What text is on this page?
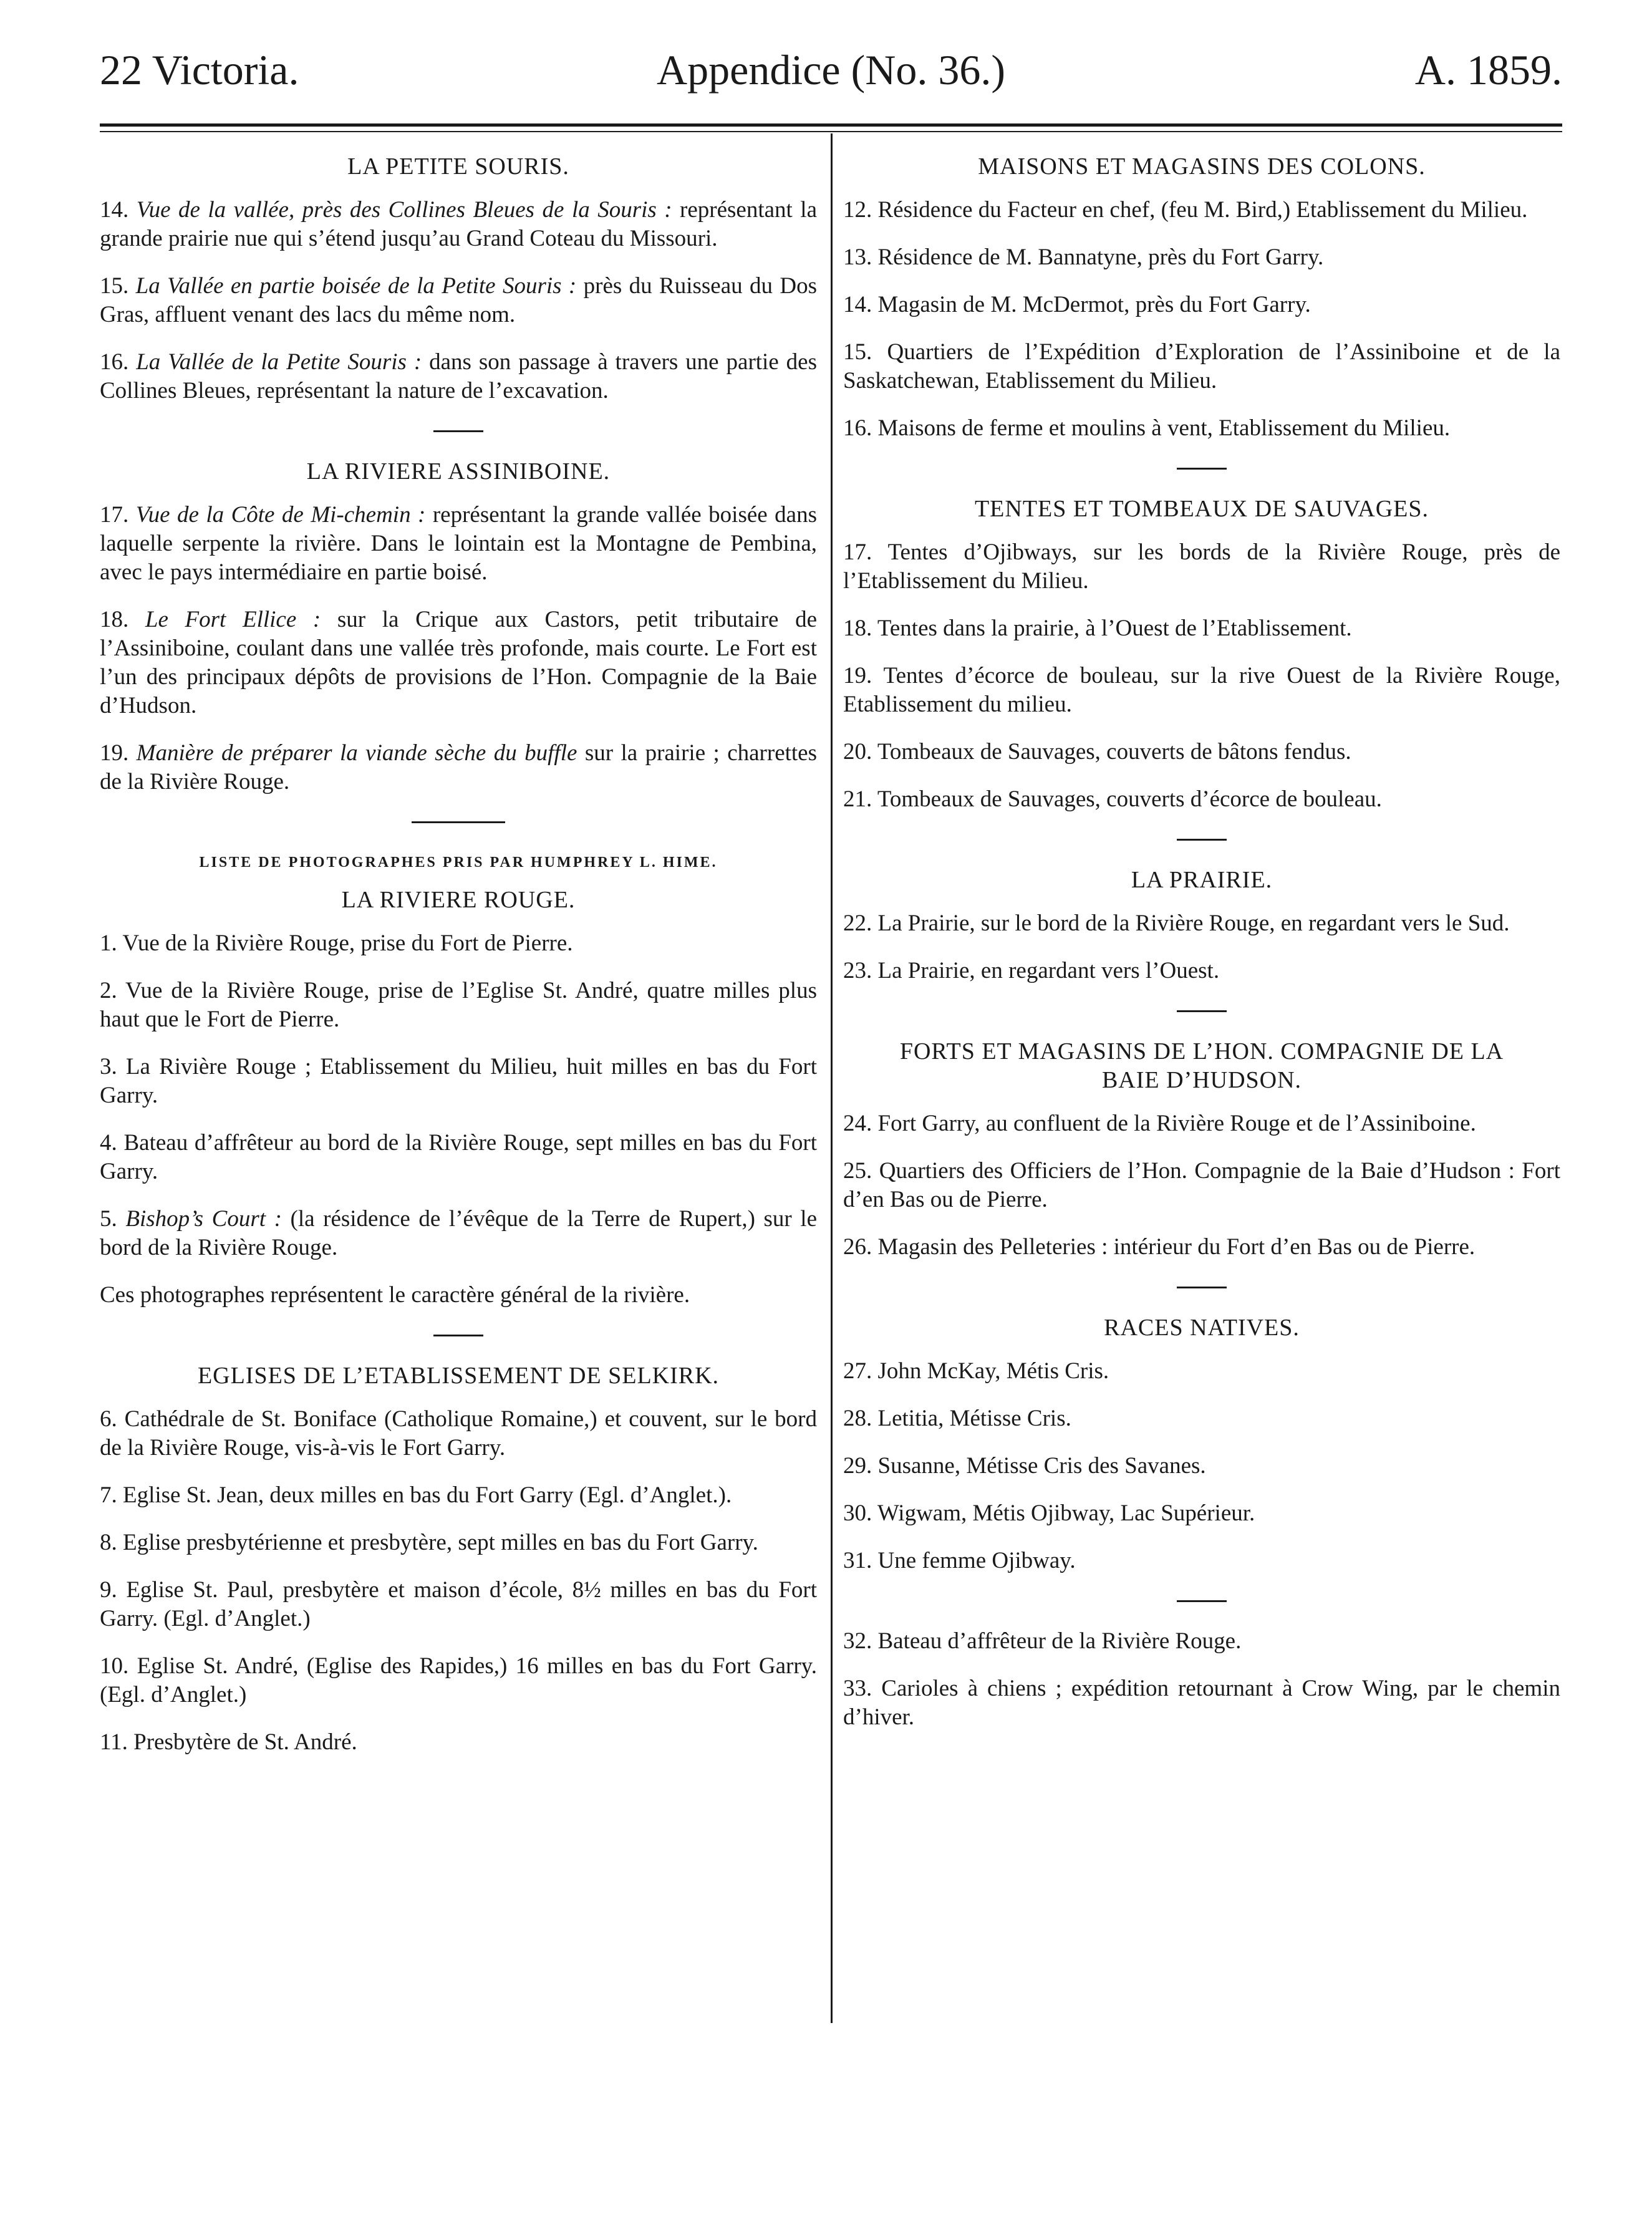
22 Victoria.	Appendice (No. 36.)	A. 1859.
LA PETITE SOURIS.
14. Vue de la vallée, près des Collines Bleues de la Souris : représentant la grande prairie nue qui s’étend jusqu’au Grand Coteau du Missouri.
15. La Vallée en partie boisée de la Petite Souris : près du Ruisseau du Dos Gras, affluent venant des lacs du même nom.
16. La Vallée de la Petite Souris : dans son passage à travers une partie des Collines Bleues, représentant la nature de l’excavation.
LA RIVIERE ASSINIBOINE.
17. Vue de la Côte de Mi-chemin : représentant la grande vallée boisée dans laquelle serpente la rivière. Dans le lointain est la Montagne de Pembina, avec le pays intermédiaire en partie boisé.
18. Le Fort Ellice : sur la Crique aux Castors, petit tributaire de l’Assiniboine, coulant dans une vallée très profonde, mais courte. Le Fort est l’un des principaux dépôts de provisions de l’Hon. Compagnie de la Baie d’Hudson.
19. Manière de préparer la viande sèche du buffle sur la prairie ; charrettes de la Rivière Rouge.
LISTE DE PHOTOGRAPHES PRIS PAR HUMPHREY L. HIME.
LA RIVIERE ROUGE.
1. Vue de la Rivière Rouge, prise du Fort de Pierre.
2. Vue de la Rivière Rouge, prise de l’Eglise St. André, quatre milles plus haut que le Fort de Pierre.
3. La Rivière Rouge ; Etablissement du Milieu, huit milles en bas du Fort Garry.
4. Bateau d’affrêteur au bord de la Rivière Rouge, sept milles en bas du Fort Garry.
5. Bishop’s Court : (la résidence de l’évêque de la Terre de Rupert,) sur le bord de la Rivière Rouge.
Ces photographes représentent le caractère général de la rivière.
EGLISES DE L’ETABLISSEMENT DE SELKIRK.
6. Cathédrale de St. Boniface (Catholique Romaine,) et couvent, sur le bord de la Rivière Rouge, vis-à-vis le Fort Garry.
7. Eglise St. Jean, deux milles en bas du Fort Garry (Egl. d’Anglet.).
8. Eglise presbytérienne et presbytère, sept milles en bas du Fort Garry.
9. Eglise St. Paul, presbytère et maison d’école, 8½ milles en bas du Fort Garry. (Egl. d’Anglet.)
10. Eglise St. André, (Eglise des Rapides,) 16 milles en bas du Fort Garry. (Egl. d’Anglet.)
11. Presbytère de St. André.
MAISONS ET MAGASINS DES COLONS.
12. Résidence du Facteur en chef, (feu M. Bird,) Etablissement du Milieu.
13. Résidence de M. Bannatyne, près du Fort Garry.
14. Magasin de M. McDermot, près du Fort Garry.
15. Quartiers de l’Expédition d’Exploration de l’Assiniboine et de la Saskatchewan, Etablissement du Milieu.
16. Maisons de ferme et moulins à vent, Etablissement du Milieu.
TENTES ET TOMBEAUX DE SAUVAGES.
17. Tentes d’Ojibways, sur les bords de la Rivière Rouge, près de l’Etablissement du Milieu.
18. Tentes dans la prairie, à l’Ouest de l’Etablissement.
19. Tentes d’écorce de bouleau, sur la rive Ouest de la Rivière Rouge, Etablissement du milieu.
20. Tombeaux de Sauvages, couverts de bâtons fendus.
21. Tombeaux de Sauvages, couverts d’écorce de bouleau.
LA PRAIRIE.
22. La Prairie, sur le bord de la Rivière Rouge, en regardant vers le Sud.
23. La Prairie, en regardant vers l’Ouest.
FORTS ET MAGASINS DE L’HON. COMPAGNIE DE LA
BAIE D’HUDSON.
24. Fort Garry, au confluent de la Rivière Rouge et de l’Assiniboine.
25. Quartiers des Officiers de l’Hon. Compagnie de la Baie d’Hudson : Fort d’en Bas ou de Pierre.
26. Magasin des Pelleteries : intérieur du Fort d’en Bas ou de Pierre.
RACES NATIVES.
27. John McKay, Métis Cris.
28. Letitia, Métisse Cris.
29. Susanne, Métisse Cris des Savanes.
30. Wigwam, Métis Ojibway, Lac Supérieur.
31. Une femme Ojibway.
32. Bateau d’affrêteur de la Rivière Rouge.
33. Carioles à chiens ; expédition retournant à Crow Wing, par le chemin d’hiver.
